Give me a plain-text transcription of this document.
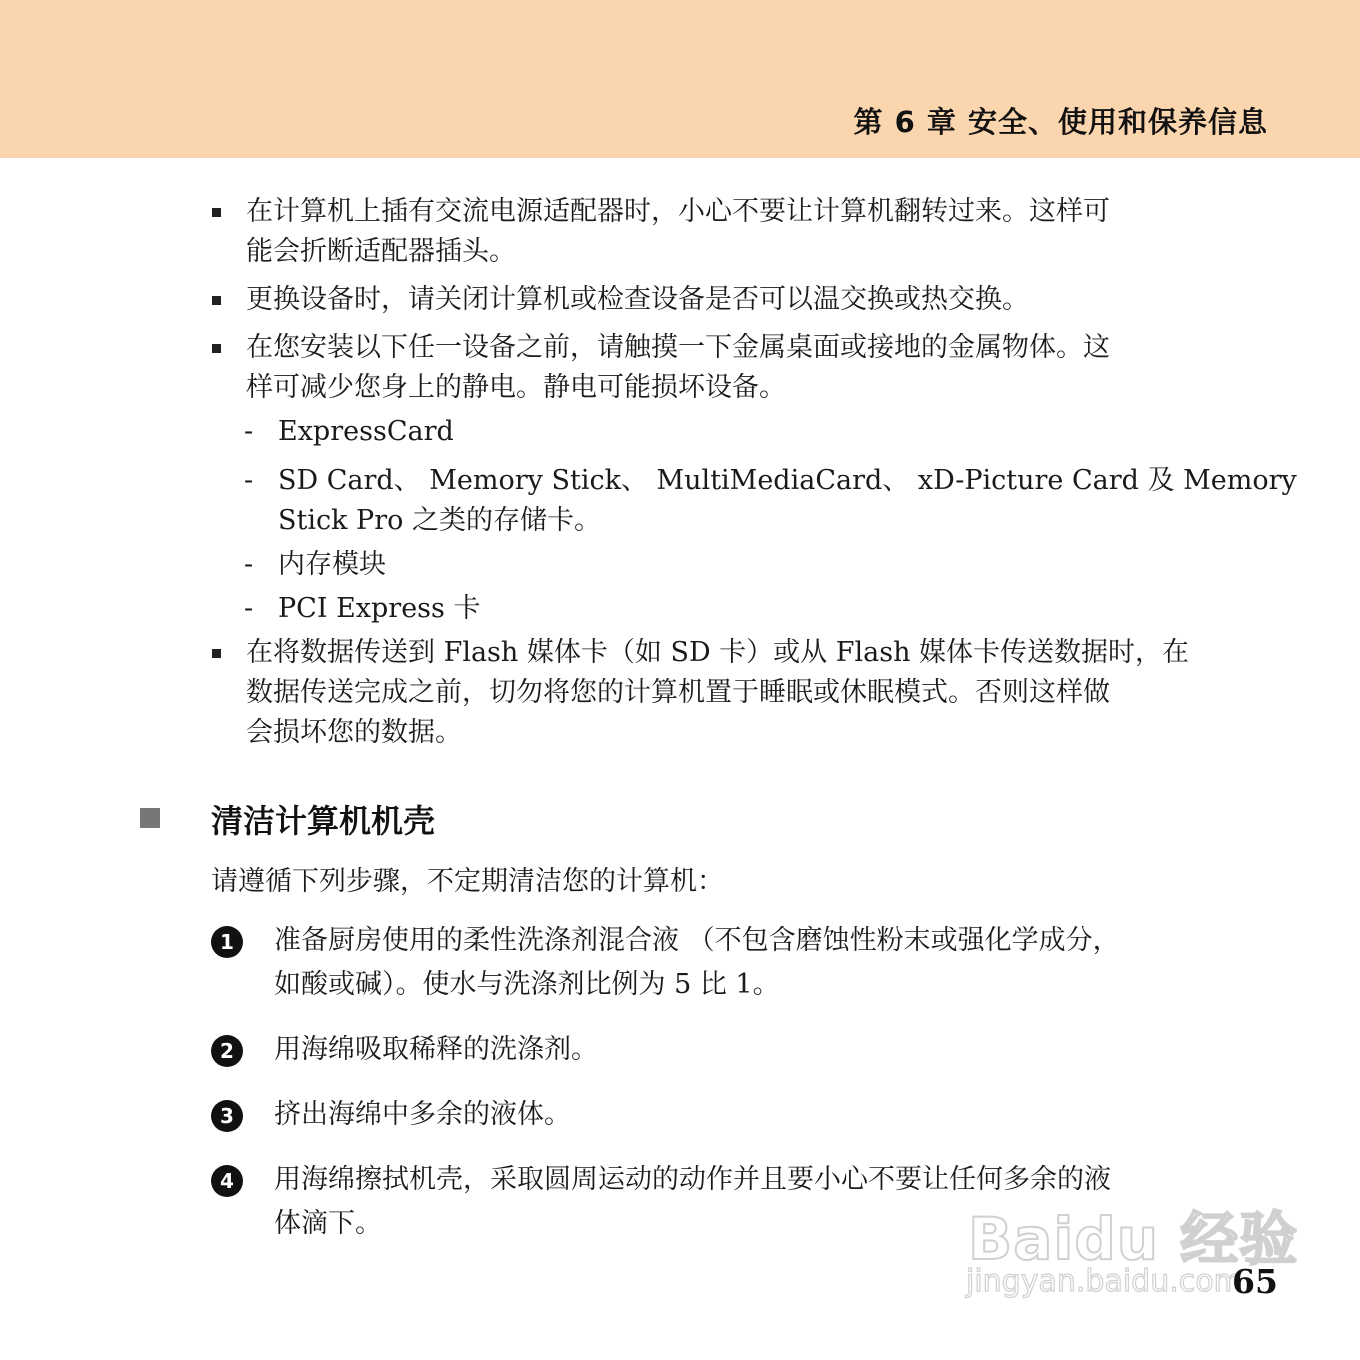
第 6 章 安全、使用和保养信息

在计算机上插有交流电源适配器时，小心不要让计算机翻转过来。这样可

能会折断适配器插头。

更换设备时，请关闭计算机或检查设备是否可以温交换或热交换。

在您安装以下任一设备之前，请触摸一下金属桌面或接地的金属物体。这

样可减少您身上的静电。静电可能损坏设备。

- ExpressCard

- SD Card、 Memory Stick、 MultiMediaCard、 xD-Picture Card 及 Memory

Stick Pro 之类的存储卡。

- 内存模块

- PCI Express 卡

在将数据传送到 Flash 媒体卡（如 SD 卡）或从 Flash 媒体卡传送数据时，在

数据传送完成之前，切勿将您的计算机置于睡眠或休眠模式。否则这样做

会损坏您的数据。

清洁计算机机壳
请遵循下列步骤，不定期清洁您的计算机：
1	准备厨房使用的柔性洗涤剂混合液 （不包含磨蚀性粉末或强化学成分，

如酸或碱）。使水与洗涤剂比例为 5 比 1。

2	用海绵吸取稀释的洗涤剂。

3	挤出海绵中多余的液体。

4	用海绵擦拭机壳，采取圆周运动的动作并且要小心不要让任何多余的液

体滴下。	Baidu 经验
jingyan.baidu.com
65
